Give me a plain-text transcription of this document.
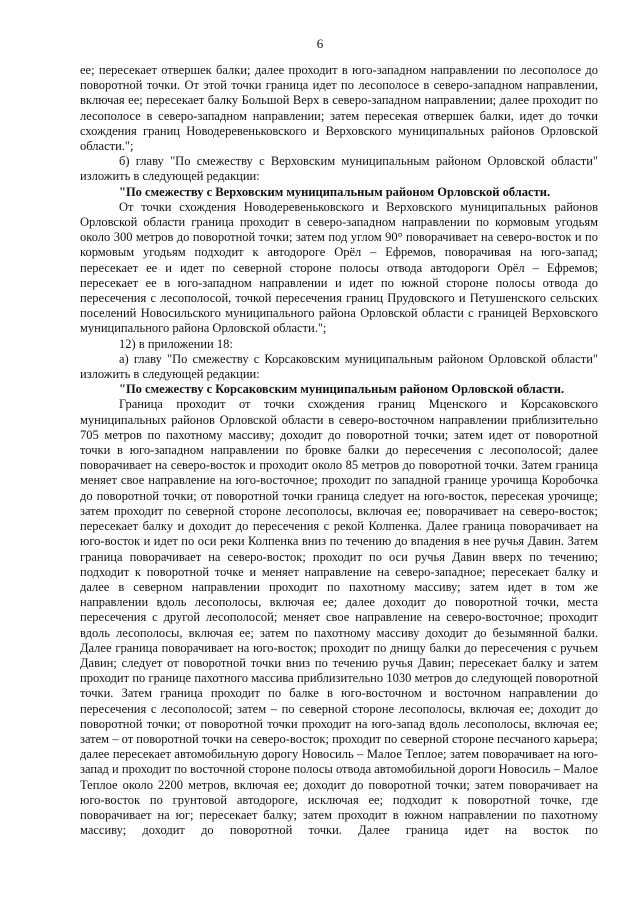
6

ее; пересекает отвершек балки; далее проходит в юго-западном направлении по лесополосе до поворотной точки. От этой точки граница идет по лесополосе в северо-западном направлении, включая ее; пересекает балку Большой Верх в северо-западном направлении; далее проходит по лесополосе в северо-западном направлении; затем пересекая отвершек балки, идет до точки схождения границ Новодеревеньковского и Верховского муниципальных районов Орловской области.";

б) главу "По смежеству с Верховским муниципальным районом Орловской области" изложить в следующей редакции:

"По смежеству с Верховским муниципальным районом Орловской области.

От точки схождения Новодеревеньковского и Верховского муниципальных районов Орловской области граница проходит в северо-западном направлении по кормовым угодьям около 300 метров до поворотной точки; затем под углом 90° поворачивает на северо-восток и по кормовым угодьям подходит к автодороге Орёл – Ефремов, поворачивая на юго-запад; пересекает ее и идет по северной стороне полосы отвода автодороги Орёл – Ефремов; пересекает ее в юго-западном направлении и идет по южной стороне полосы отвода до пересечения с лесополосой, точкой пересечения границ Прудовского и Петушенского сельских поселений Новосильского муниципального района Орловской области с границей Верховского муниципального района Орловской области.";

12) в приложении 18:

а) главу "По смежеству с Корсаковским муниципальным районом Орловской области" изложить в следующей редакции:

"По смежеству с Корсаковским муниципальным районом Орловской области.

Граница проходит от точки схождения границ Мценского и Корсаковского муниципальных районов Орловской области в северо-восточном направлении приблизительно 705 метров по пахотному массиву; доходит до поворотной точки; затем идет от поворотной точки в юго-западном направлении по бровке балки до пересечения с лесополосой; далее поворачивает на северо-восток и проходит около 85 метров до поворотной точки. Затем граница меняет свое направление на юго-восточное; проходит по западной границе урочища Коробочка до поворотной точки; от поворотной точки граница следует на юго-восток, пересекая урочище; затем проходит по северной стороне лесополосы, включая ее; поворачивает на северо-восток; пересекает балку и доходит до пересечения с рекой Колпенка. Далее граница поворачивает на юго-восток и идет по оси реки Колпенка вниз по течению до впадения в нее ручья Давин. Затем граница поворачивает на северо-восток; проходит по оси ручья Давин вверх по течению; подходит к поворотной точке и меняет направление на северо-западное; пересекает балку и далее в северном направлении проходит по пахотному массиву; затем идет в том же направлении вдоль лесополосы, включая ее; далее доходит до поворотной точки, места пересечения с другой лесополосой; меняет свое направление на северо-восточное; проходит вдоль лесополосы, включая ее; затем по пахотному массиву доходит до безымянной балки. Далее граница поворачивает на юго-восток; проходит по днищу балки до пересечения с ручьем Давин; следует от поворотной точки вниз по течению ручья Давин; пересекает балку и затем проходит по границе пахотного массива приблизительно 1030 метров до следующей поворотной точки. Затем граница проходит по балке в юго-восточном и восточном направлении до пересечения с лесополосой; затем – по северной стороне лесополосы, включая ее; доходит до поворотной точки; от поворотной точки проходит на юго-запад вдоль лесополосы, включая ее; затем – от поворотной точки на северо-восток; проходит по северной стороне песчаного карьера; далее пересекает автомобильную дорогу Новосиль – Малое Теплое; затем поворачивает на юго-запад и проходит по восточной стороне полосы отвода автомобильной дороги Новосиль – Малое Теплое около 2200 метров, включая ее; доходит до поворотной точки; затем поворачивает на юго-восток по грунтовой автодороге, исключая ее; подходит к поворотной точке, где поворачивает на юг; пересекает балку; затем проходит в южном направлении по пахотному массиву; доходит до поворотной точки. Далее граница идет на восток по
